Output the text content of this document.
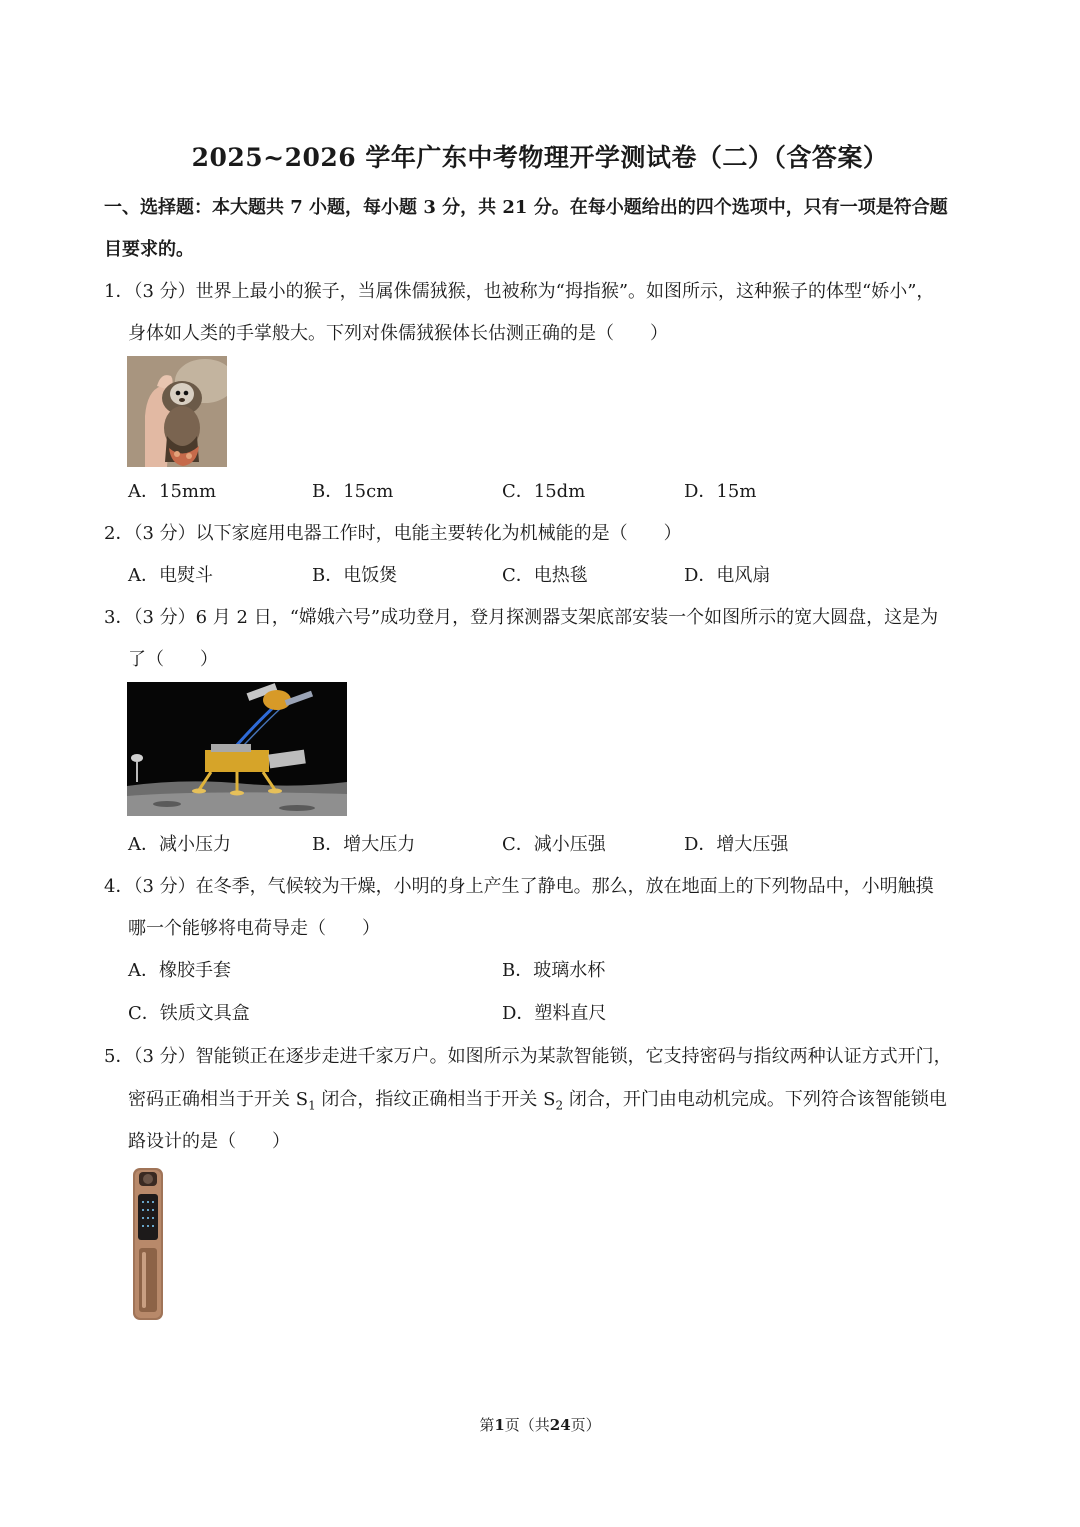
2025~2026 学年广东中考物理开学测试卷（二）（含答案）
一、选择题：本大题共 7 小题，每小题 3 分，共 21 分。在每小题给出的四个选项中，只有一项是符合题
目要求的。
1．（3 分）世界上最小的猴子，当属侏儒狨猴，也被称为“拇指猴”。如图所示，这种猴子的体型“娇小”，
身体如人类的手掌般大。下列对侏儒狨猴体长估测正确的是（　　）
A．15mm	B．15cm	C．15dm	D．15m
2．（3 分）以下家庭用电器工作时，电能主要转化为机械能的是（　　）
A．电熨斗	B．电饭煲	C．电热毯	D．电风扇
3．（3 分）6 月 2 日，“嫦娥六号”成功登月，登月探测器支架底部安装一个如图所示的宽大圆盘，这是为
了（　　）
A．减小压力	B．增大压力	C．减小压强	D．增大压强
4．（3 分）在冬季，气候较为干燥，小明的身上产生了静电。那么，放在地面上的下列物品中，小明触摸
哪一个能够将电荷导走（　　）
A．橡胶手套	B．玻璃水杯
C．铁质文具盒	D．塑料直尺
5．（3 分）智能锁正在逐步走进千家万户。如图所示为某款智能锁，它支持密码与指纹两种认证方式开门，
密码正确相当于开关 $S_1$ 闭合，指纹正确相当于开关 $S_2$ 闭合，开门由电动机完成。下列符合该智能锁电
路设计的是（　　）
第1页（共24页）
